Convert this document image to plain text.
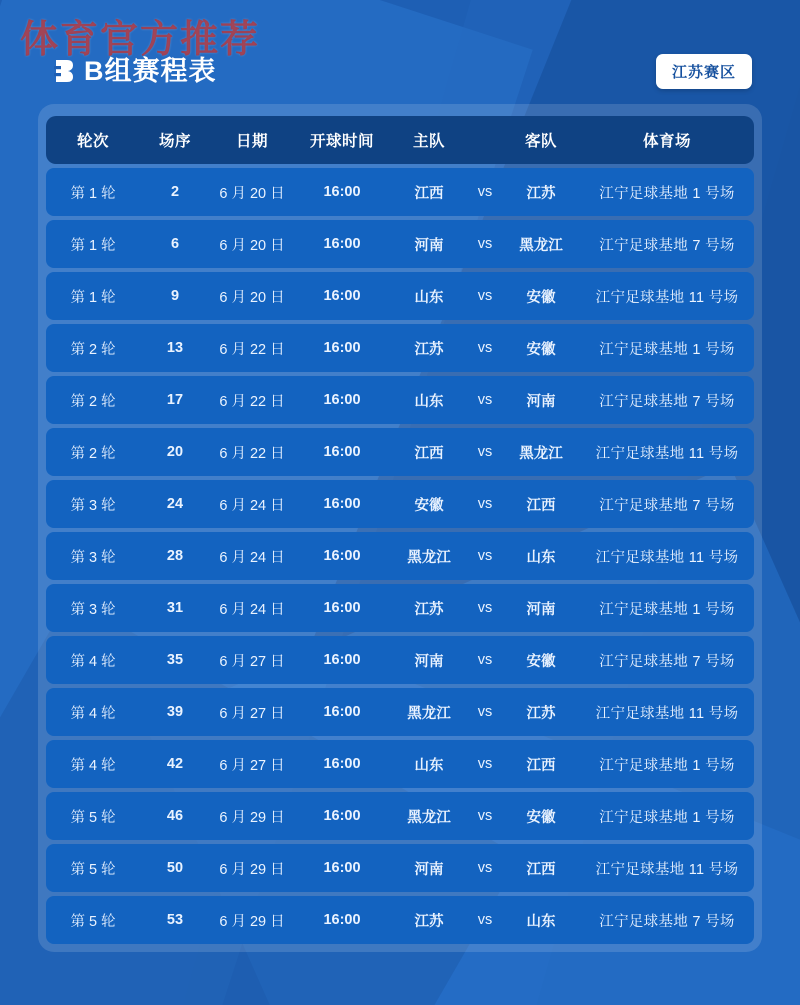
体育官方推荐
B组赛程表	江苏赛区
轮次	场序	日期	开球时间	主队		客队	体育场
第 1 轮	2	6 月 20 日	16:00	江西	vs	江苏	江宁足球基地 1 号场
第 1 轮	6	6 月 20 日	16:00	河南	vs	黑龙江	江宁足球基地 7 号场
第 1 轮	9	6 月 20 日	16:00	山东	vs	安徽	江宁足球基地 11 号场
第 2 轮	13	6 月 22 日	16:00	江苏	vs	安徽	江宁足球基地 1 号场
第 2 轮	17	6 月 22 日	16:00	山东	vs	河南	江宁足球基地 7 号场
第 2 轮	20	6 月 22 日	16:00	江西	vs	黑龙江	江宁足球基地 11 号场
第 3 轮	24	6 月 24 日	16:00	安徽	vs	江西	江宁足球基地 7 号场
第 3 轮	28	6 月 24 日	16:00	黑龙江	vs	山东	江宁足球基地 11 号场
第 3 轮	31	6 月 24 日	16:00	江苏	vs	河南	江宁足球基地 1 号场
第 4 轮	35	6 月 27 日	16:00	河南	vs	安徽	江宁足球基地 7 号场
第 4 轮	39	6 月 27 日	16:00	黑龙江	vs	江苏	江宁足球基地 11 号场
第 4 轮	42	6 月 27 日	16:00	山东	vs	江西	江宁足球基地 1 号场
第 5 轮	46	6 月 29 日	16:00	黑龙江	vs	安徽	江宁足球基地 1 号场
第 5 轮	50	6 月 29 日	16:00	河南	vs	江西	江宁足球基地 11 号场
第 5 轮	53	6 月 29 日	16:00	江苏	vs	山东	江宁足球基地 7 号场
